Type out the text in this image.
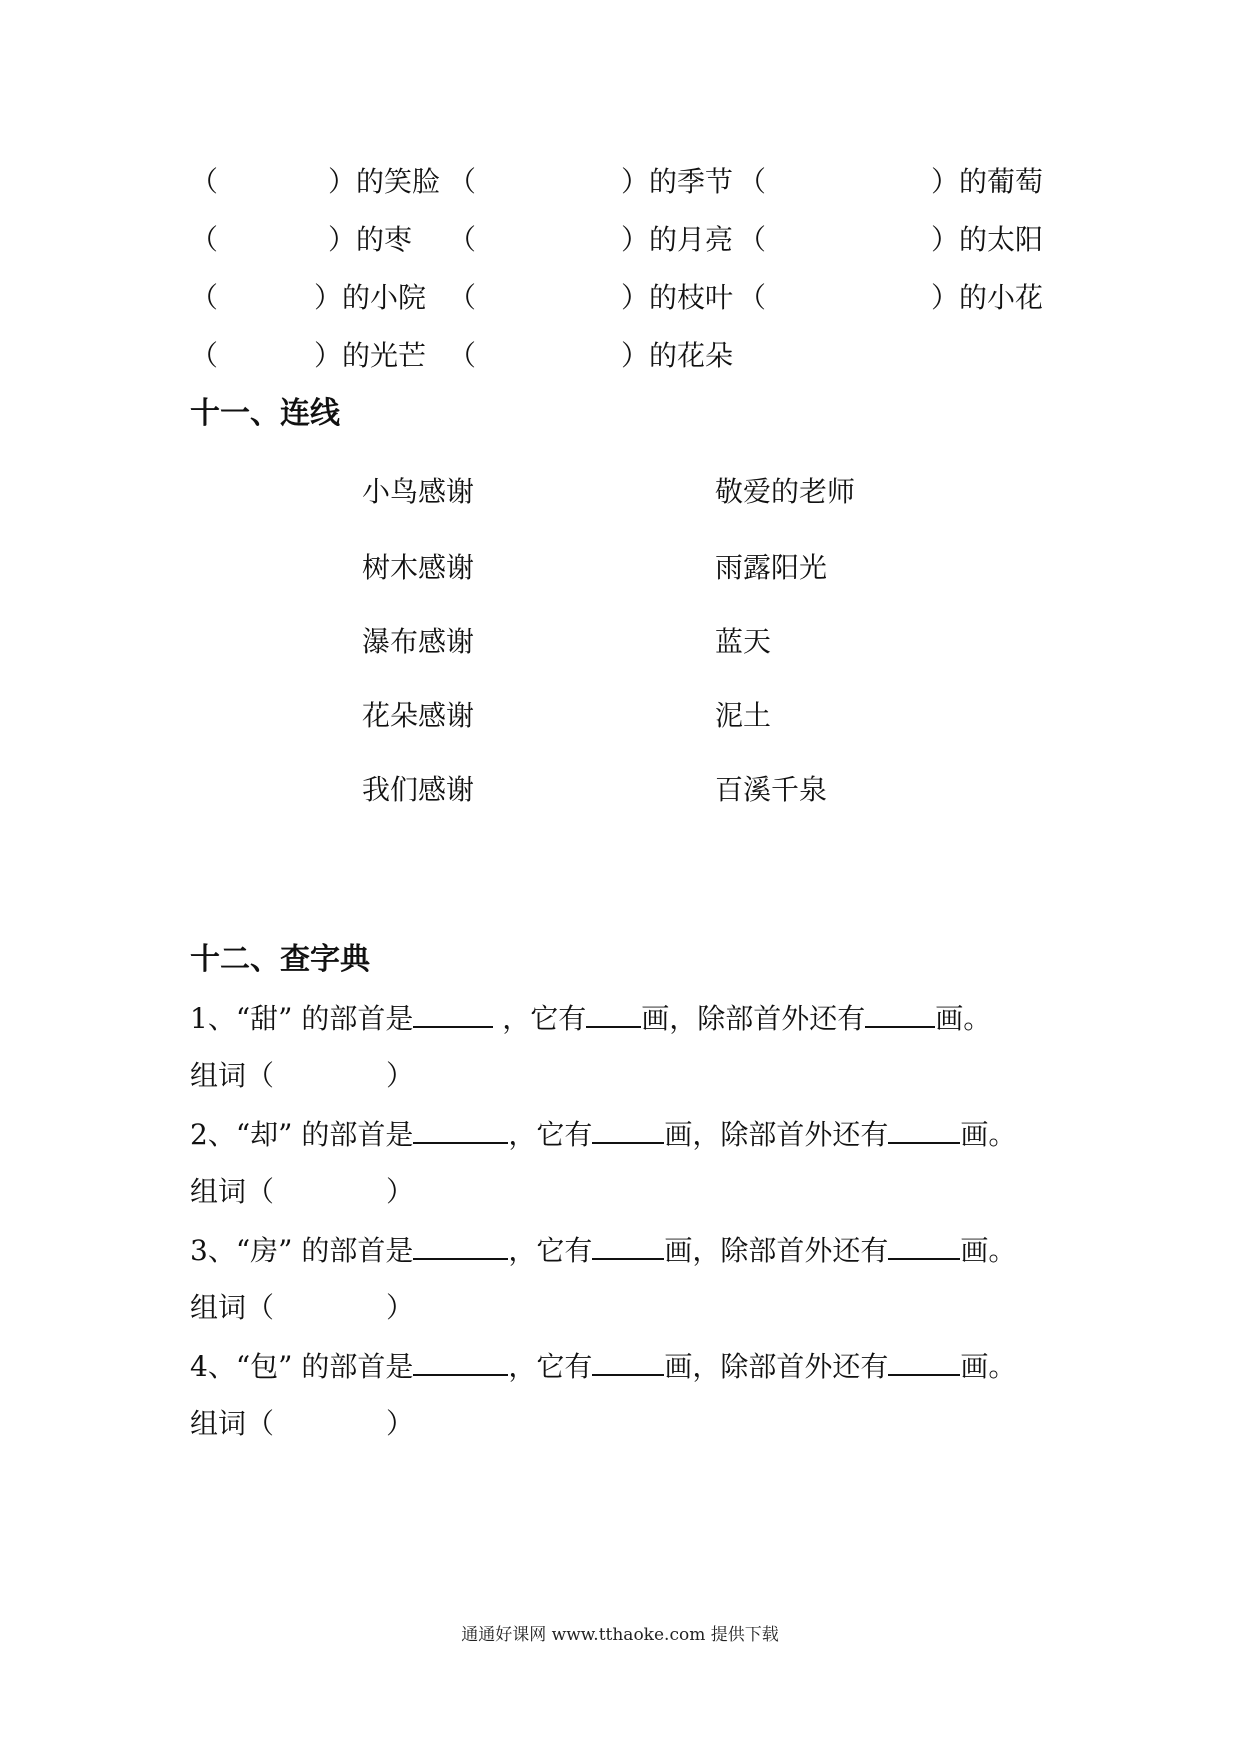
（	）的笑脸 （	）的季节 （	）的葡萄
（	）的枣 （	）的月亮 （	）的太阳
（	）的小院 （	）的枝叶 （	）的小花
（	）的光芒 （	）的花朵
十一、连线
小鸟感谢	敬爱的老师
树木感谢	雨露阳光
瀑布感谢	蓝天
花朵感谢	泥土
我们感谢	百溪千泉
十二、查字典
1、“甜” 的部首是	，它有 画，除部首外还有	画。
组词（	）
2、“却” 的部首是	，它有	画，除部首外还有	画。
组词（	）
3、“房” 的部首是	，它有	画，除部首外还有	画。
组词（	）
4、“包” 的部首是	，它有	画，除部首外还有	画。
组词（	）
通通好课网 www.tthaoke.com 提供下载
